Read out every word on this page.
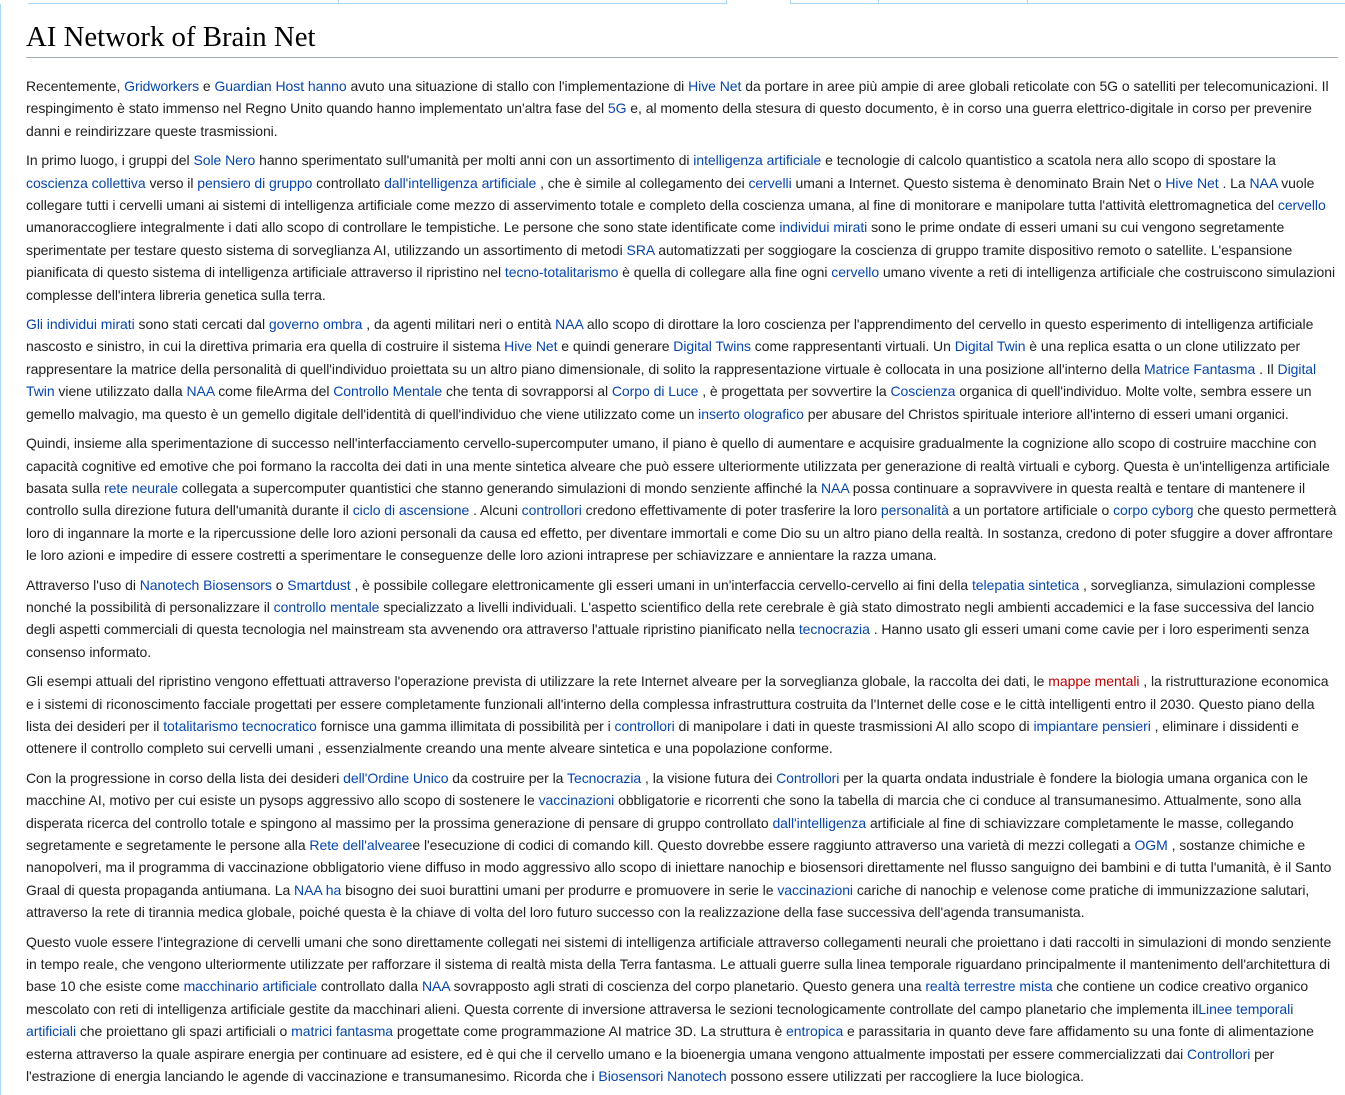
AI Network of Brain Net

Recentemente, Gridworkers e Guardian Host hanno avuto una situazione di stallo con l'implementazione di Hive Net da portare in aree più ampie di aree globali reticolate con 5G o satelliti per telecomunicazioni. Il respingimento è stato immenso nel Regno Unito quando hanno implementato un'altra fase del 5G e, al momento della stesura di questo documento, è in corso una guerra elettrico-digitale in corso per prevenire danni e reindirizzare queste trasmissioni.

In primo luogo, i gruppi del Sole Nero hanno sperimentato sull'umanità per molti anni con un assortimento di intelligenza artificiale e tecnologie di calcolo quantistico a scatola nera allo scopo di spostare la coscienza collettiva verso il pensiero di gruppo controllato dall'intelligenza artificiale , che è simile al collegamento dei cervelli umani a Internet. Questo sistema è denominato Brain Net o Hive Net . La NAA vuole collegare tutti i cervelli umani ai sistemi di intelligenza artificiale come mezzo di asservimento totale e completo della coscienza umana, al fine di monitorare e manipolare tutta l'attività elettromagnetica del cervello umanoraccogliere integralmente i dati allo scopo di controllare le tempistiche. Le persone che sono state identificate come individui mirati sono le prime ondate di esseri umani su cui vengono segretamente sperimentate per testare questo sistema di sorveglianza AI, utilizzando un assortimento di metodi SRA automatizzati per soggiogare la coscienza di gruppo tramite dispositivo remoto o satellite. L'espansione pianificata di questo sistema di intelligenza artificiale attraverso il ripristino nel tecno-totalitarismo è quella di collegare alla fine ogni cervello umano vivente a reti di intelligenza artificiale che costruiscono simulazioni complesse dell'intera libreria genetica sulla terra.

Gli individui mirati sono stati cercati dal governo ombra , da agenti militari neri o entità NAA allo scopo di dirottare la loro coscienza per l'apprendimento del cervello in questo esperimento di intelligenza artificiale nascosto e sinistro, in cui la direttiva primaria era quella di costruire il sistema Hive Net e quindi generare Digital Twins come rappresentanti virtuali. Un Digital Twin è una replica esatta o un clone utilizzato per rappresentare la matrice della personalità di quell'individuo proiettata su un altro piano dimensionale, di solito la rappresentazione virtuale è collocata in una posizione all'interno della Matrice Fantasma . Il Digital Twin viene utilizzato dalla NAA come fileArma del Controllo Mentale che tenta di sovrapporsi al Corpo di Luce , è progettata per sovvertire la Coscienza organica di quell'individuo. Molte volte, sembra essere un gemello malvagio, ma questo è un gemello digitale dell'identità di quell'individuo che viene utilizzato come un inserto olografico per abusare del Christos spirituale interiore all'interno di esseri umani organici.

Quindi, insieme alla sperimentazione di successo nell'interfacciamento cervello-supercomputer umano, il piano è quello di aumentare e acquisire gradualmente la cognizione allo scopo di costruire macchine con capacità cognitive ed emotive che poi formano la raccolta dei dati in una mente sintetica alveare che può essere ulteriormente utilizzata per generazione di realtà virtuali e cyborg. Questa è un'intelligenza artificiale basata sulla rete neurale collegata a supercomputer quantistici che stanno generando simulazioni di mondo senziente affinché la NAA possa continuare a sopravvivere in questa realtà e tentare di mantenere il controllo sulla direzione futura dell'umanità durante il ciclo di ascensione . Alcuni controllori credono effettivamente di poter trasferire la loro personalità a un portatore artificiale o corpo cyborg che questo permetterà loro di ingannare la morte e la ripercussione delle loro azioni personali da causa ed effetto, per diventare immortali e come Dio su un altro piano della realtà. In sostanza, credono di poter sfuggire a dover affrontare le loro azioni e impedire di essere costretti a sperimentare le conseguenze delle loro azioni intraprese per schiavizzare e annientare la razza umana.

Attraverso l'uso di Nanotech Biosensors o Smartdust , è possibile collegare elettronicamente gli esseri umani in un'interfaccia cervello-cervello ai fini della telepatia sintetica , sorveglianza, simulazioni complesse nonché la possibilità di personalizzare il controllo mentale specializzato a livelli individuali. L'aspetto scientifico della rete cerebrale è già stato dimostrato negli ambienti accademici e la fase successiva del lancio degli aspetti commerciali di questa tecnologia nel mainstream sta avvenendo ora attraverso l'attuale ripristino pianificato nella tecnocrazia . Hanno usato gli esseri umani come cavie per i loro esperimenti senza consenso informato.

Gli esempi attuali del ripristino vengono effettuati attraverso l'operazione prevista di utilizzare la rete Internet alveare per la sorveglianza globale, la raccolta dei dati, le mappe mentali , la ristrutturazione economica e i sistemi di riconoscimento facciale progettati per essere completamente funzionali all'interno della complessa infrastruttura costruita da l'Internet delle cose e le città intelligenti entro il 2030. Questo piano della lista dei desideri per il totalitarismo tecnocratico fornisce una gamma illimitata di possibilità per i controllori di manipolare i dati in queste trasmissioni AI allo scopo di impiantare pensieri , eliminare i dissidenti e ottenere il controllo completo sui cervelli umani , essenzialmente creando una mente alveare sintetica e una popolazione conforme.

Con la progressione in corso della lista dei desideri dell'Ordine Unico da costruire per la Tecnocrazia , la visione futura dei Controllori per la quarta ondata industriale è fondere la biologia umana organica con le macchine AI, motivo per cui esiste un pysops aggressivo allo scopo di sostenere le vaccinazioni obbligatorie e ricorrenti che sono la tabella di marcia che ci conduce al transumanesimo. Attualmente, sono alla disperata ricerca del controllo totale e spingono al massimo per la prossima generazione di pensare di gruppo controllato dall'intelligenza artificiale al fine di schiavizzare completamente le masse, collegando segretamente e segretamente le persone alla Rete dell'alvearee l'esecuzione di codici di comando kill. Questo dovrebbe essere raggiunto attraverso una varietà di mezzi collegati a OGM , sostanze chimiche e nanopolveri, ma il programma di vaccinazione obbligatorio viene diffuso in modo aggressivo allo scopo di iniettare nanochip e biosensori direttamente nel flusso sanguigno dei bambini e di tutta l'umanità, è il Santo Graal di questa propaganda antiumana. La NAA ha bisogno dei suoi burattini umani per produrre e promuovere in serie le vaccinazioni cariche di nanochip e velenose come pratiche di immunizzazione salutari, attraverso la rete di tirannia medica globale, poiché questa è la chiave di volta del loro futuro successo con la realizzazione della fase successiva dell'agenda transumanista.

Questo vuole essere l'integrazione di cervelli umani che sono direttamente collegati nei sistemi di intelligenza artificiale attraverso collegamenti neurali che proiettano i dati raccolti in simulazioni di mondo senziente in tempo reale, che vengono ulteriormente utilizzate per rafforzare il sistema di realtà mista della Terra fantasma. Le attuali guerre sulla linea temporale riguardano principalmente il mantenimento dell'architettura di base 10 che esiste come macchinario artificiale controllato dalla NAA sovrapposto agli strati di coscienza del corpo planetario. Questo genera una realtà terrestre mista che contiene un codice creativo organico mescolato con reti di intelligenza artificiale gestite da macchinari alieni. Questa corrente di inversione attraversa le sezioni tecnologicamente controllate del campo planetario che implementa ilLinee temporali artificiali che proiettano gli spazi artificiali o matrici fantasma progettate come programmazione AI matrice 3D. La struttura è entropica e parassitaria in quanto deve fare affidamento su una fonte di alimentazione esterna attraverso la quale aspirare energia per continuare ad esistere, ed è qui che il cervello umano e la bioenergia umana vengono attualmente impostati per essere commercializzati dai Controllori per l'estrazione di energia lanciando le agende di vaccinazione e transumanesimo. Ricorda che i Biosensori Nanotech possono essere utilizzati per raccogliere la luce biologica.
